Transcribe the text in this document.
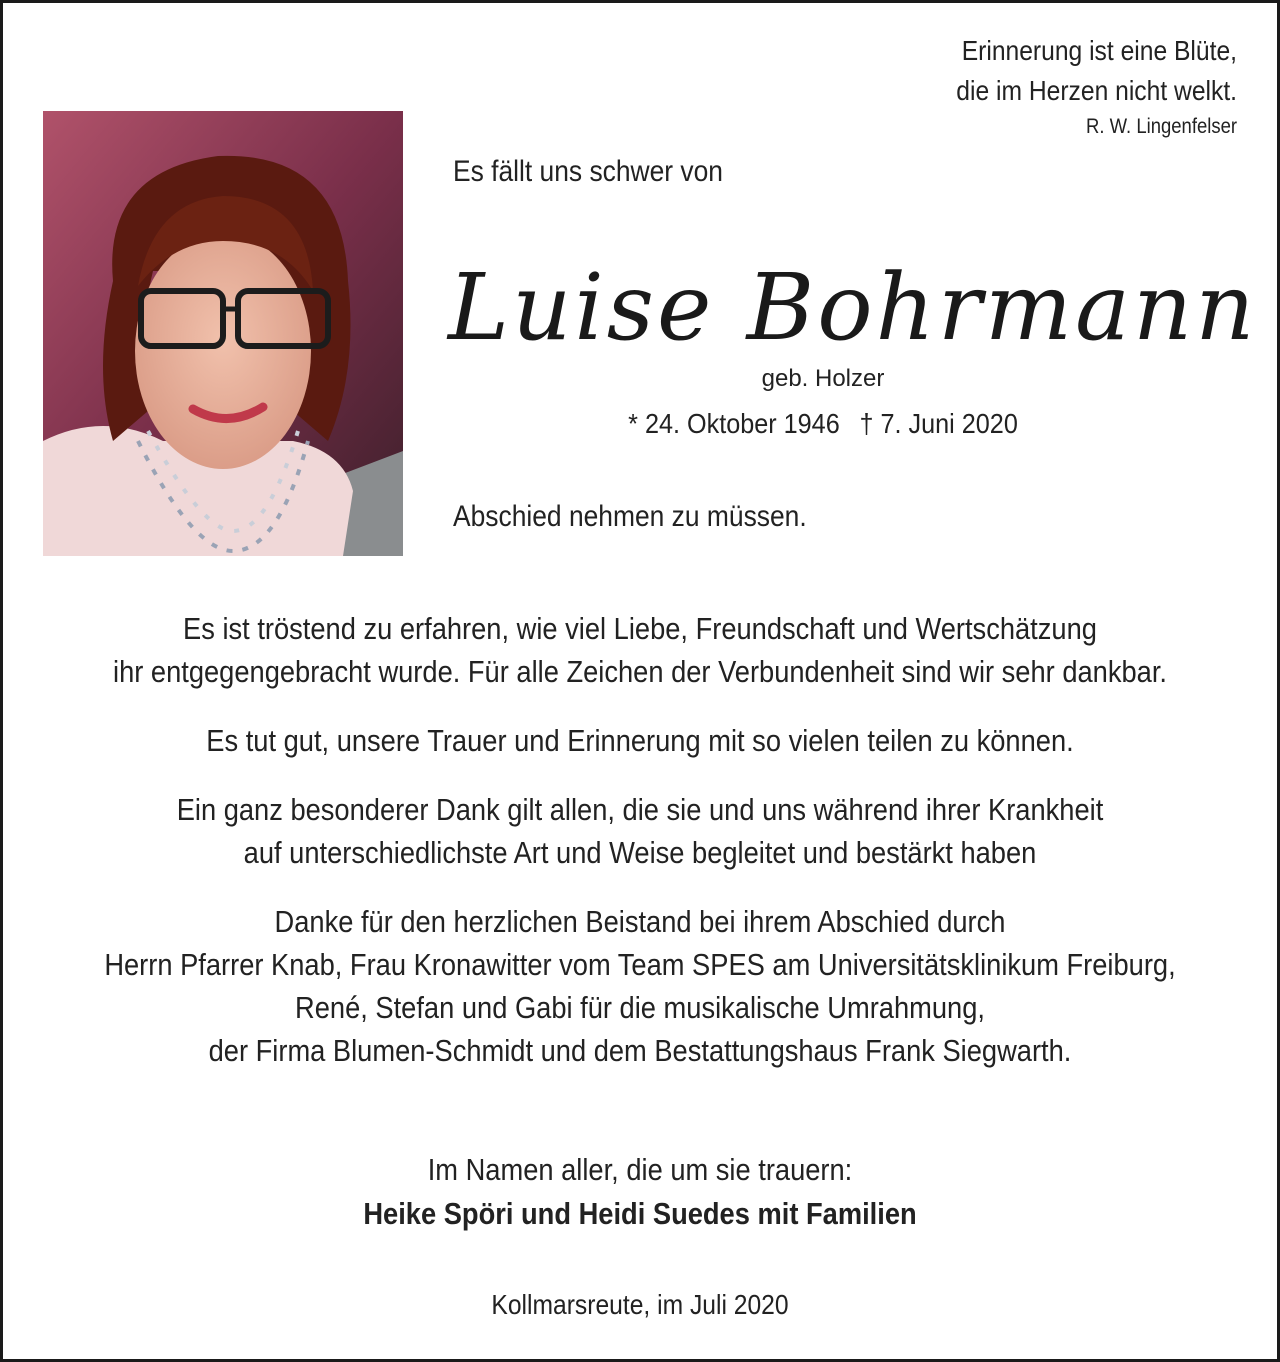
Erinnerung ist eine Blüte,
die im Herzen nicht welkt.
R. W. Lingenfelser
Es fällt uns schwer von
Luise Bohrmann
geb. Holzer
* 24. Oktober 1946 † 7. Juni 2020
Abschied nehmen zu müssen.
Es ist tröstend zu erfahren, wie viel Liebe, Freundschaft und Wertschätzung
ihr entgegengebracht wurde. Für alle Zeichen der Verbundenheit sind wir sehr dankbar.
Es tut gut, unsere Trauer und Erinnerung mit so vielen teilen zu können.
Ein ganz besonderer Dank gilt allen, die sie und uns während ihrer Krankheit
auf unterschiedlichste Art und Weise begleitet und bestärkt haben
Danke für den herzlichen Beistand bei ihrem Abschied durch
Herrn Pfarrer Knab, Frau Kronawitter vom Team SPES am Universitätsklinikum Freiburg,
René, Stefan und Gabi für die musikalische Umrahmung,
der Firma Blumen-Schmidt und dem Bestattungshaus Frank Siegwarth.
Im Namen aller, die um sie trauern:
Heike Spöri und Heidi Suedes mit Familien
Kollmarsreute, im Juli 2020
